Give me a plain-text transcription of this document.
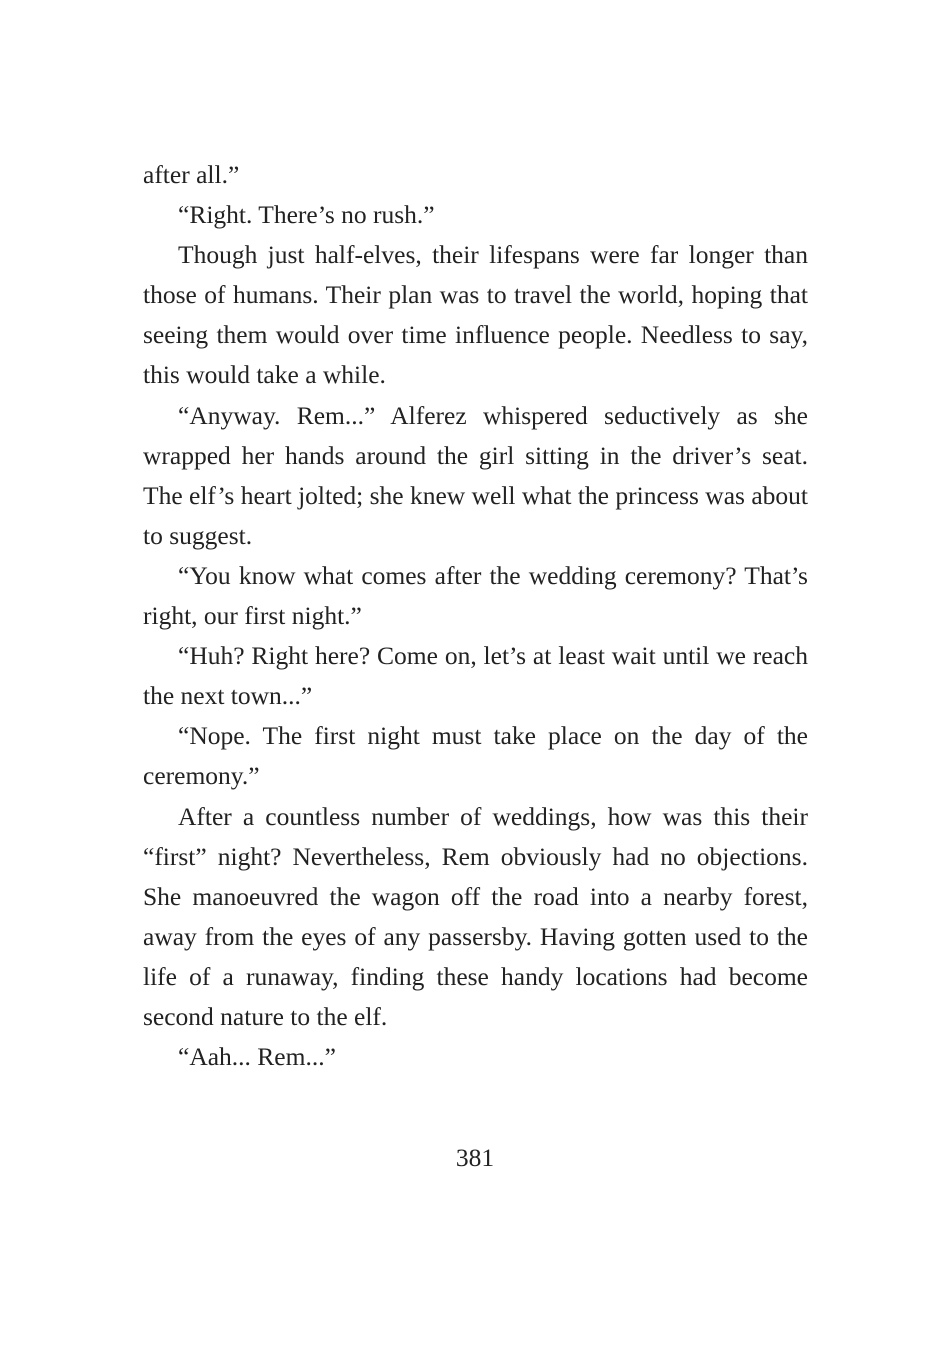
after all.”

“Right. There’s no rush.”

Though just half-elves, their lifespans were far longer than those of humans. Their plan was to travel the world, hoping that seeing them would over time influence people. Needless to say, this would take a while.

“Anyway. Rem...” Alferez whispered seductively as she wrapped her hands around the girl sitting in the driver’s seat. The elf’s heart jolted; she knew well what the princess was about to suggest.

“You know what comes after the wedding ceremony? That’s right, our first night.”

“Huh? Right here? Come on, let’s at least wait until we reach the next town...”

“Nope. The first night must take place on the day of the ceremony.”

After a countless number of weddings, how was this their “first” night? Nevertheless, Rem obviously had no objections. She manoeuvred the wagon off the road into a nearby forest, away from the eyes of any passersby. Having gotten used to the life of a runaway, finding these handy locations had become second nature to the elf.

“Aah... Rem...”

381
